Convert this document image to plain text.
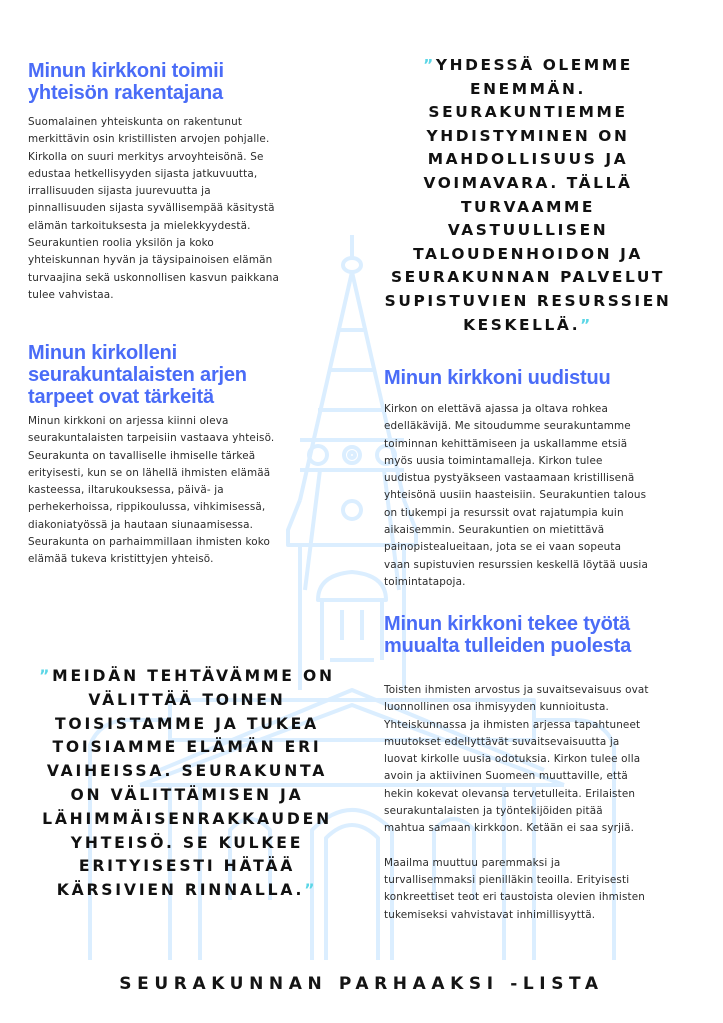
Minun kirkkoni toimii
yhteisön rakentajana

Suomalainen yhteiskunta on rakentunut
merkittävin osin kristillisten arvojen pohjalle.
Kirkolla on suuri merkitys arvoyhteisönä. Se
edustaa hetkellisyyden sijasta jatkuvuutta,
irrallisuuden sijasta juurevuutta ja
pinnallisuuden sijasta syvällisempää käsitystä
elämän tarkoituksesta ja mielekkyydestä.
Seurakuntien roolia yksilön ja koko
yhteiskunnan hyvän ja täysipainoisen elämän
turvaajina sekä uskonnollisen kasvun paikkana
tulee vahvistaa.

Minun kirkolleni
seurakuntalaisten arjen
tarpeet ovat tärkeitä

Minun kirkkoni on arjessa kiinni oleva
seurakuntalaisten tarpeisiin vastaava yhteisö.
Seurakunta on tavalliselle ihmiselle tärkeä
erityisesti, kun se on lähellä ihmisten elämää
kasteessa, iltarukouksessa, päivä- ja
perhekerhoissa, rippikoulussa, vihkimisessä,
diakoniatyössä ja hautaan siunaamisessa.
Seurakunta on parhaimmillaan ihmisten koko
elämää tukeva kristittyjen yhteisö.

Minun kirkkoni uudistuu

Kirkon on elettävä ajassa ja oltava rohkea
edelläkävijä. Me sitoudumme seurakuntamme
toiminnan kehittämiseen ja uskallamme etsiä
myös uusia toimintamalleja. Kirkon tulee
uudistua pystyäkseen vastaamaan kristillisenä
yhteisönä uusiin haasteisiin. Seurakuntien talous
on tiukempi ja resurssit ovat rajatumpia kuin
aikaisemmin. Seurakuntien on mietittävä
painopistealueitaan, jota se ei vaan sopeuta
vaan supistuvien resurssien keskellä löytää uusia
toimintatapoja.

Minun kirkkoni tekee työtä
muualta tulleiden puolesta

Toisten ihmisten arvostus ja suvaitsevaisuus ovat
luonnollinen osa ihmisyyden kunnioitusta.
Yhteiskunnassa ja ihmisten arjessa tapahtuneet
muutokset edellyttävät suvaitsevaisuutta ja
luovat kirkolle uusia odotuksia. Kirkon tulee olla
avoin ja aktiivinen Suomeen muuttaville, että
hekin kokevat olevansa tervetulleita. Erilaisten
seurakuntalaisten ja työntekijöiden pitää
mahtua samaan kirkkoon. Ketään ei saa syrjiä.

Maailma muuttuu paremmaksi ja
turvallisemmaksi pienilläkin teoilla. Erityisesti
konkreettiset teot eri taustoista olevien ihmisten
tukemiseksi vahvistavat inhimillisyyttä.

”YHDESSÄ OLEMME
ENEMMÄN.
SEURAKUNTIEMME
YHDISTYMINEN ON
MAHDOLLISUUS JA
VOIMAVARA. TÄLLÄ
TURVAAMME
VASTUULLISEN
TALOUDENHOIDON JA
SEURAKUNNAN PALVELUT
SUPISTUVIEN RESURSSIEN
KESKELLÄ.”
”MEIDÄN TEHTÄVÄMME ON
VÄLITTÄÄ TOINEN
TOISISTAMME JA TUKEA
TOISIAMME ELÄMÄN ERI
VAIHEISSA. SEURAKUNTA
ON VÄLITTÄMISEN JA
LÄHIMMÄISENRAKKAUDEN
YHTEISÖ. SE KULKEE
ERITYISESTI HÄTÄÄ
KÄRSIVIEN RINNALLA.”
SEURAKUNNAN PARHAAKSI -LISTA
